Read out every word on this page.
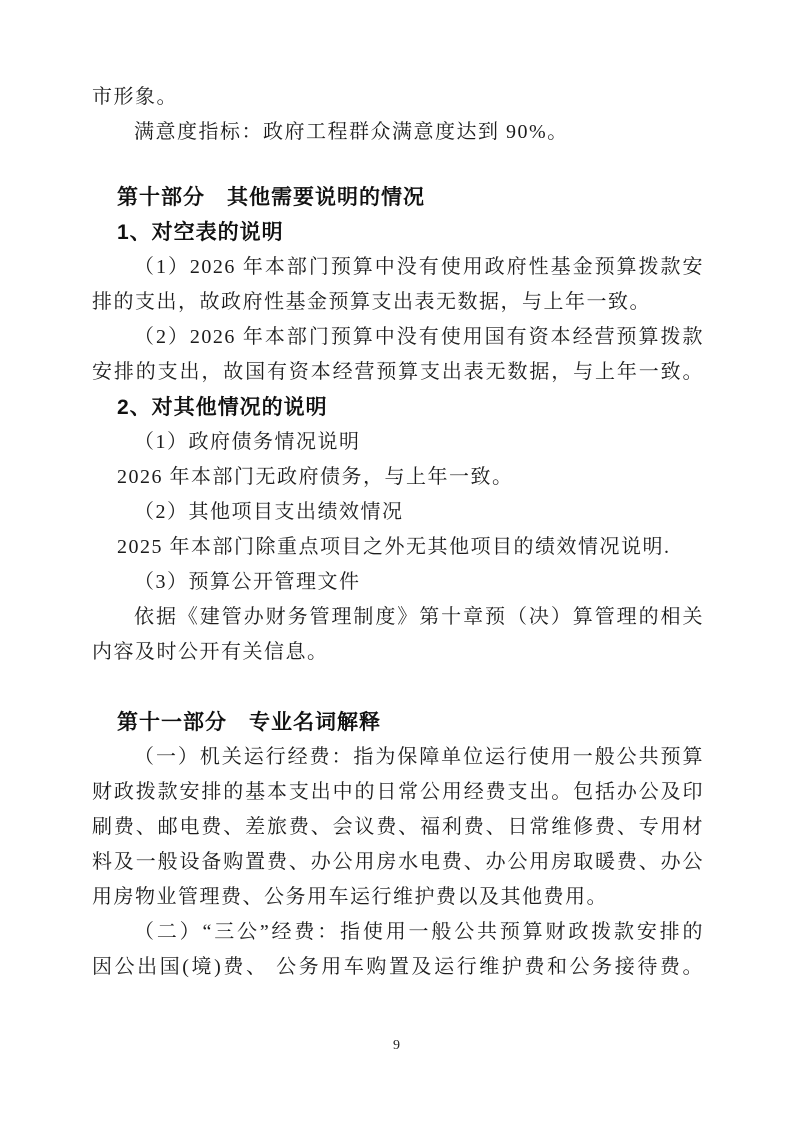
市形象。

满意度指标：政府工程群众满意度达到 90%。

第十部分　其他需要说明的情况

1、对空表的说明

（1）2026 年本部门预算中没有使用政府性基金预算拨款安

排的支出，故政府性基金预算支出表无数据，与上年一致。

（2）2026 年本部门预算中没有使用国有资本经营预算拨款

安排的支出，故国有资本经营预算支出表无数据，与上年一致。

2、对其他情况的说明

（1）政府债务情况说明

2026 年本部门无政府债务，与上年一致。

（2）其他项目支出绩效情况

2025 年本部门除重点项目之外无其他项目的绩效情况说明.

（3）预算公开管理文件

依据《建管办财务管理制度》第十章预（决）算管理的相关

内容及时公开有关信息。

第十一部分　专业名词解释

（一）机关运行经费：指为保障单位运行使用一般公共预算

财政拨款安排的基本支出中的日常公用经费支出。包括办公及印

刷费、邮电费、差旅费、会议费、福利费、日常维修费、专用材

料及一般设备购置费、办公用房水电费、办公用房取暖费、办公

用房物业管理费、公务用车运行维护费以及其他费用。

（二）“三公”经费：指使用一般公共预算财政拨款安排的

因公出国(境)费、 公务用车购置及运行维护费和公务接待费。

9
